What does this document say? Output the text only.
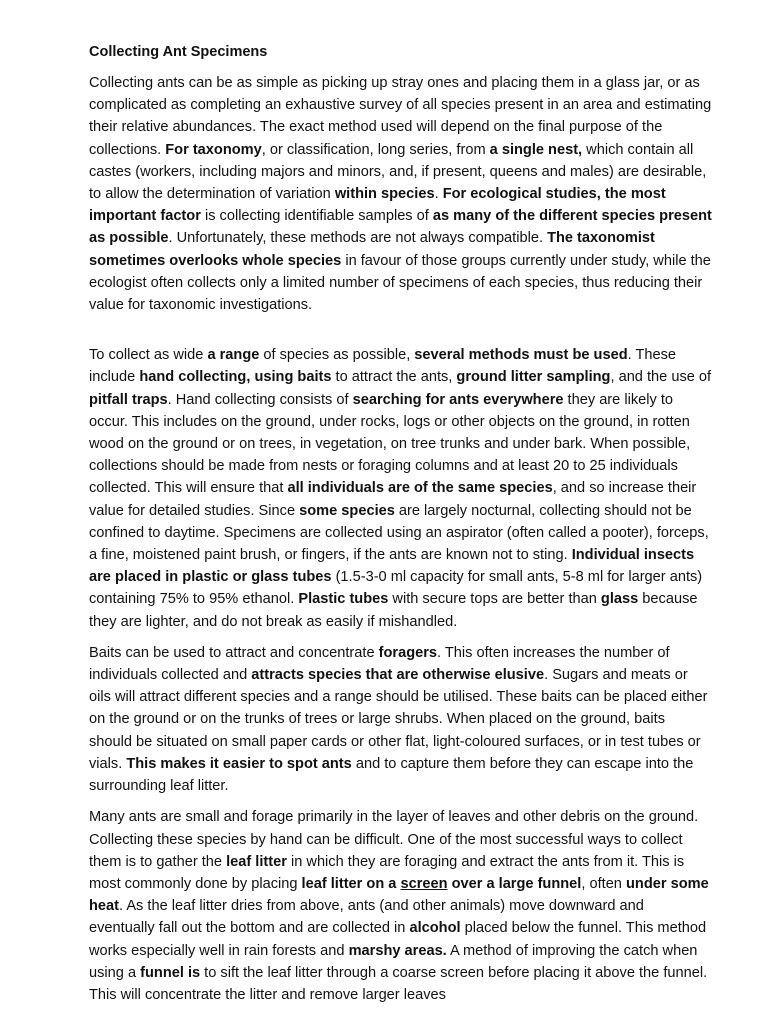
Collecting Ant Specimens

Collecting ants can be as simple as picking up stray ones and placing them in a glass jar, or as complicated as completing an exhaustive survey of all species present in an area and estimating their relative abundances. The exact method used will depend on the final purpose of the collections. For taxonomy, or classification, long series, from a single nest, which contain all castes (workers, including majors and minors, and, if present, queens and males) are desirable, to allow the determination of variation within species. For ecological studies, the most important factor is collecting identifiable samples of as many of the different species present as possible. Unfortunately, these methods are not always compatible. The taxonomist sometimes overlooks whole species in favour of those groups currently under study, while the ecologist often collects only a limited number of specimens of each species, thus reducing their value for taxonomic investigations.

To collect as wide a range of species as possible, several methods must be used. These include hand collecting, using baits to attract the ants, ground litter sampling, and the use of pitfall traps. Hand collecting consists of searching for ants everywhere they are likely to occur. This includes on the ground, under rocks, logs or other objects on the ground, in rotten wood on the ground or on trees, in vegetation, on tree trunks and under bark. When possible, collections should be made from nests or foraging columns and at least 20 to 25 individuals collected. This will ensure that all individuals are of the same species, and so increase their value for detailed studies. Since some species are largely nocturnal, collecting should not be confined to daytime. Specimens are collected using an aspirator (often called a pooter), forceps, a fine, moistened paint brush, or fingers, if the ants are known not to sting. Individual insects are placed in plastic or glass tubes (1.5-3-0 ml capacity for small ants, 5-8 ml for larger ants) containing 75% to 95% ethanol. Plastic tubes with secure tops are better than glass because they are lighter, and do not break as easily if mishandled.

Baits can be used to attract and concentrate foragers. This often increases the number of individuals collected and attracts species that are otherwise elusive. Sugars and meats or oils will attract different species and a range should be utilised. These baits can be placed either on the ground or on the trunks of trees or large shrubs. When placed on the ground, baits should be situated on small paper cards or other flat, light-coloured surfaces, or in test tubes or vials. This makes it easier to spot ants and to capture them before they can escape into the surrounding leaf litter.

Many ants are small and forage primarily in the layer of leaves and other debris on the ground. Collecting these species by hand can be difficult. One of the most successful ways to collect them is to gather the leaf litter in which they are foraging and extract the ants from it. This is most commonly done by placing leaf litter on a screen over a large funnel, often under some heat. As the leaf litter dries from above, ants (and other animals) move downward and eventually fall out the bottom and are collected in alcohol placed below the funnel. This method works especially well in rain forests and marshy areas. A method of improving the catch when using a funnel is to sift the leaf litter through a coarse screen before placing it above the funnel. This will concentrate the litter and remove larger leaves
